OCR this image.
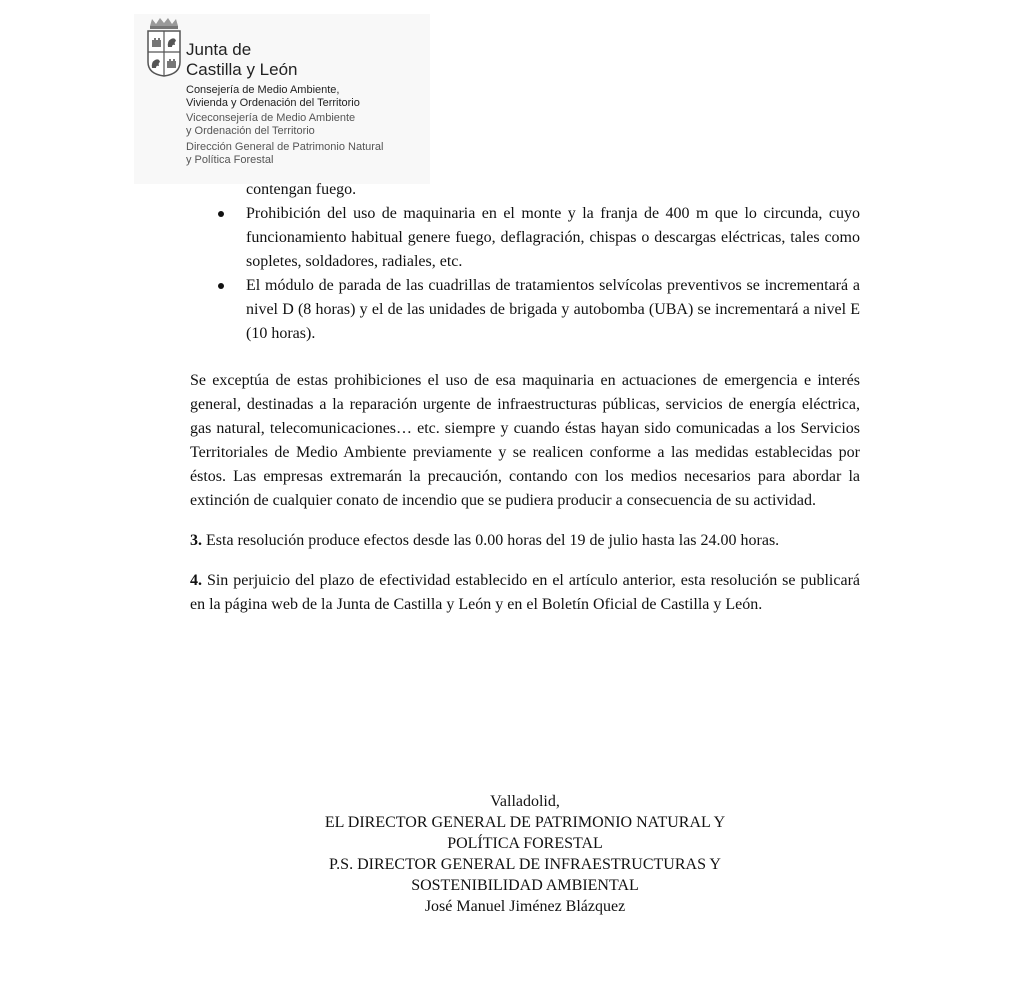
Junta de
Castilla y León
Consejería de Medio Ambiente,
Vivienda y Ordenación del Territorio
Viceconsejería de Medio Ambiente
y Ordenación del Territorio
Dirección General de Patrimonio Natural
y Política Forestal
contengan fuego.
Prohibición del uso de maquinaria en el monte y la franja de 400 m que lo circunda, cuyo funcionamiento habitual genere fuego, deflagración, chispas o descargas eléctricas, tales como sopletes, soldadores, radiales, etc.
El módulo de parada de las cuadrillas de tratamientos selvícolas preventivos se incrementará a nivel D (8 horas) y el de las unidades de brigada y autobomba (UBA) se incrementará a nivel E (10 horas).

Se exceptúa de estas prohibiciones el uso de esa maquinaria en actuaciones de emergencia e interés general, destinadas a la reparación urgente de infraestructuras públicas, servicios de energía eléctrica, gas natural, telecomunicaciones… etc. siempre y cuando éstas hayan sido comunicadas a los Servicios Territoriales de Medio Ambiente previamente y se realicen conforme a las medidas establecidas por éstos. Las empresas extremarán la precaución, contando con los medios necesarios para abordar la extinción de cualquier conato de incendio que se pudiera producir a consecuencia de su actividad.

3. Esta resolución produce efectos desde las 0.00 horas del 19 de julio hasta las 24.00 horas.

4. Sin perjuicio del plazo de efectividad establecido en el artículo anterior, esta resolución se publicará en la página web de la Junta de Castilla y León y en el Boletín Oficial de Castilla y León.

Valladolid,
EL DIRECTOR GENERAL DE PATRIMONIO NATURAL Y
POLÍTICA FORESTAL
P.S. DIRECTOR GENERAL DE INFRAESTRUCTURAS Y
SOSTENIBILIDAD AMBIENTAL
José Manuel Jiménez Blázquez
